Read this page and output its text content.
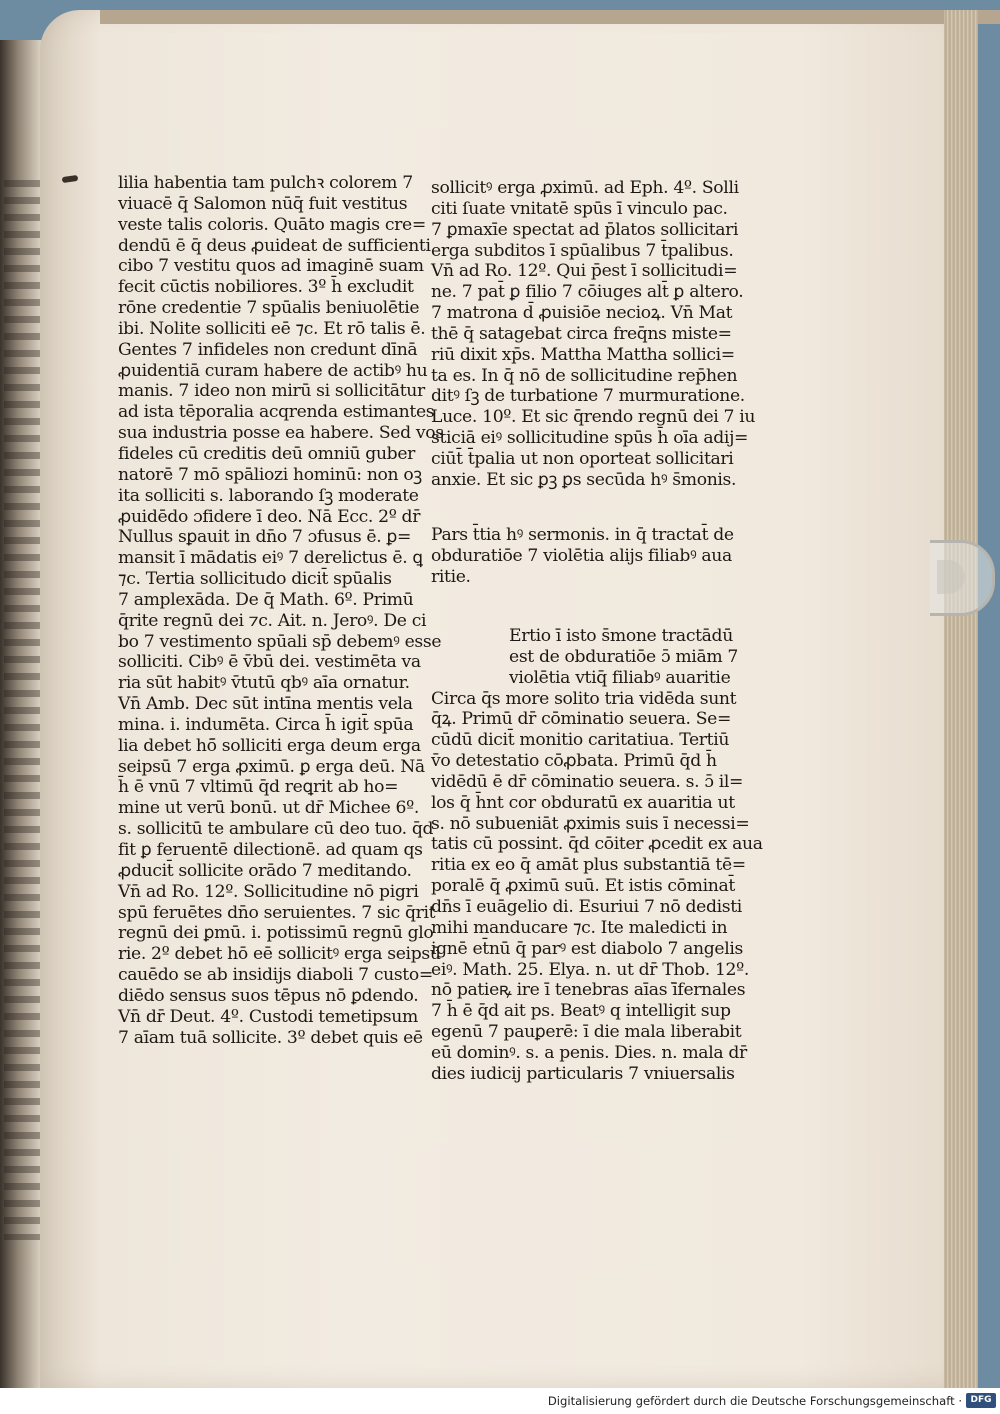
lilia habentia tam pulchꝛ colorem 7
viuacē q̄ Salomon nūq̄ fuit vestitus
veste talis coloris. Quāto magis cre=
dendū ē q̄ deus ꝓuideat de sufficienti
cibo 7 vestitu quos ad imaginē suam
fecit cūctis nobiliores. 3º h̄ excludit
rōne credentie 7 spūalis beniuolētie
ibi. Nolite solliciti eē ⁊c. Et rō talis ē.
Gentes 7 infideles non credunt dīnā
ꝓuidentiā curam habere de actibꝰ hu
manis. 7 ideo non mirū si sollicitātur
ad ista tēporalia acqrenda estimantes
sua industria posse ea habere. Sed vos
fideles cū creditis deū omniū guber
natorē 7 mō spāliozi hominū: non oꝫ
ita solliciti s. laborando ſꝫ moderate
ꝓuidēdo ɔfidere ī deo. Nā Ecc. 2º dr̄
Nullus sꝑauit in dn̄o 7 ɔfusus ē. ꝑ=
mansit ī mādatis eiꝰ 7 derelictus ē. ꝗ
⁊c. Tertia sollicitudo dicit̄ spūalis
7 amplexāda. De q̄ Math. 6º. Primū
q̄rite regnū dei ⁊c. Ait. n. Jeroꝰ. De ci
bo 7 vestimento spūali sp̄ debemꝰ esse
solliciti. Cibꝰ ē v̄bū dei. vestimēta va
ria sūt habitꝰ v̄tutū qbꝰ aīa ornatur.
Vn̄ Amb. Dec sūt intīna mentis vela
mina. i. indumēta. Circa h̄ igit̄ spūa
lia debet hō̄ solliciti erga deum erga
seipsū 7 erga ꝓximū. ꝑ erga deū. Nā
h̄ ē vnū 7 vltimū q̄d reꝗrit ab ho=
mine ut verū bonū. ut dr̄ Michee 6º.
s. sollicitū te ambulare cū deo tuo. q̄d
fit ꝑ feruentē dilectionē. ad quam qs
ꝓducit̄ sollicite orādo 7 meditando.
Vn̄ ad Ro. 12º. Sollicitudine nō pigri
spū feruētes dn̄o seruientes. 7 sic q̄rit
regnū dei ꝑmū. i. potissimū regnū glo
rie. 2º debet hō eē sollicitꝰ erga seipsū
cauēdo se ab insidijs diaboli 7 custo=
diēdo sensus suos tēpus nō ꝑdendo.
Vn̄ dr̄ Deut. 4º. Custodi temetipsum
7 aīam tuā sollicite. 3º debet quis eē
sollicitꝰ erga ꝓximū. ad Eph. 4º. Solli
citi ſuate vnitatē spūs ī vinculo pac.
7 ꝑmaxīe spectat ad p̄latos sollicitari
erga subditos ī spūalibus 7 t̄palibus.
Vn̄ ad Ro. 12º. Qui p̄est ī sollicitudi=
ne. 7 pat̄ ꝑ filio 7 cōiuges alt̄ ꝑ altero.
7 matrona d̄ ꝓuisiōe necioꝝ. Vn̄ Mat
thē q̄ satagebat circa freq̄ns miste=
riū dixit xp̄s. Mattha Mattha sollici=
ta es. In q̄ nō de sollicitudine rep̄hen
ditꝰ ſꝫ de turbatione 7 murmuratione.
Luce. 10º. Et sic q̄rendo regnū dei 7 iu
sticiā eiꝰ sollicitudine spūs h̄ oīa adij=
ciūt̄ t̄palia ut non oporteat sollicitari
anxie. Et sic ꝑꝫ ꝑs secūda hꝰ s̄monis.
Pars t̄tia hꝰ sermonis. in q̄ tractat̄ de
obduratiōe 7 violētia alijs filiabꝰ aua
ritie.
Ertio ī isto s̄mone tractādū
est de obduratiōe ɔ̄ miām 7
violētia vtiq̄ filiabꝰ auaritie
Circa q̄s more solito tria vidēda sunt
q̄ꝝ. Primū dr̄ cōminatio seuera. Se=
cūdū dicit̄ monitio caritatiua. Tertiū
v̄o detestatio cōꝓbata. Primū q̄d h̄
vidēdū ē dr̄ cōminatio seuera. s. ɔ̄ il=
los q̄ h̄nt cor obduratū ex auaritia ut
s. nō subueniāt ꝓximis suis ī necessi=
tatis cū possint. q̄d cōiter ꝓcedit ex aua
ritia ex eo q̄ amāt plus substantiā tē=
poralē q̄ ꝓximū suū. Et istis cōminat̄
dn̄s ī euāgelio di. Esuriui 7 nō dedisti
mihi manducare ⁊c. Ite maledicti in
ignē et̄nū q̄ parꝰ est diabolo 7 angelis
eiꝰ. Math. 25. Elya. n. ut dr̄ Thob. 12º.
nō patieꝶ ire ī tenebras aīas ī̄fernales
7 h̄ ē q̄d ait ps. Beatꝰ q intelligit sup
egenū 7 pauꝑerē: ī die mala liberabit
eū dominꝰ. s. a penis. Dies. n. mala dr̄
dies iudicij particularis 7 vniuersalis
Digitalisierung gefördert durch die Deutsche Forschungsgemeinschaft · DFG
